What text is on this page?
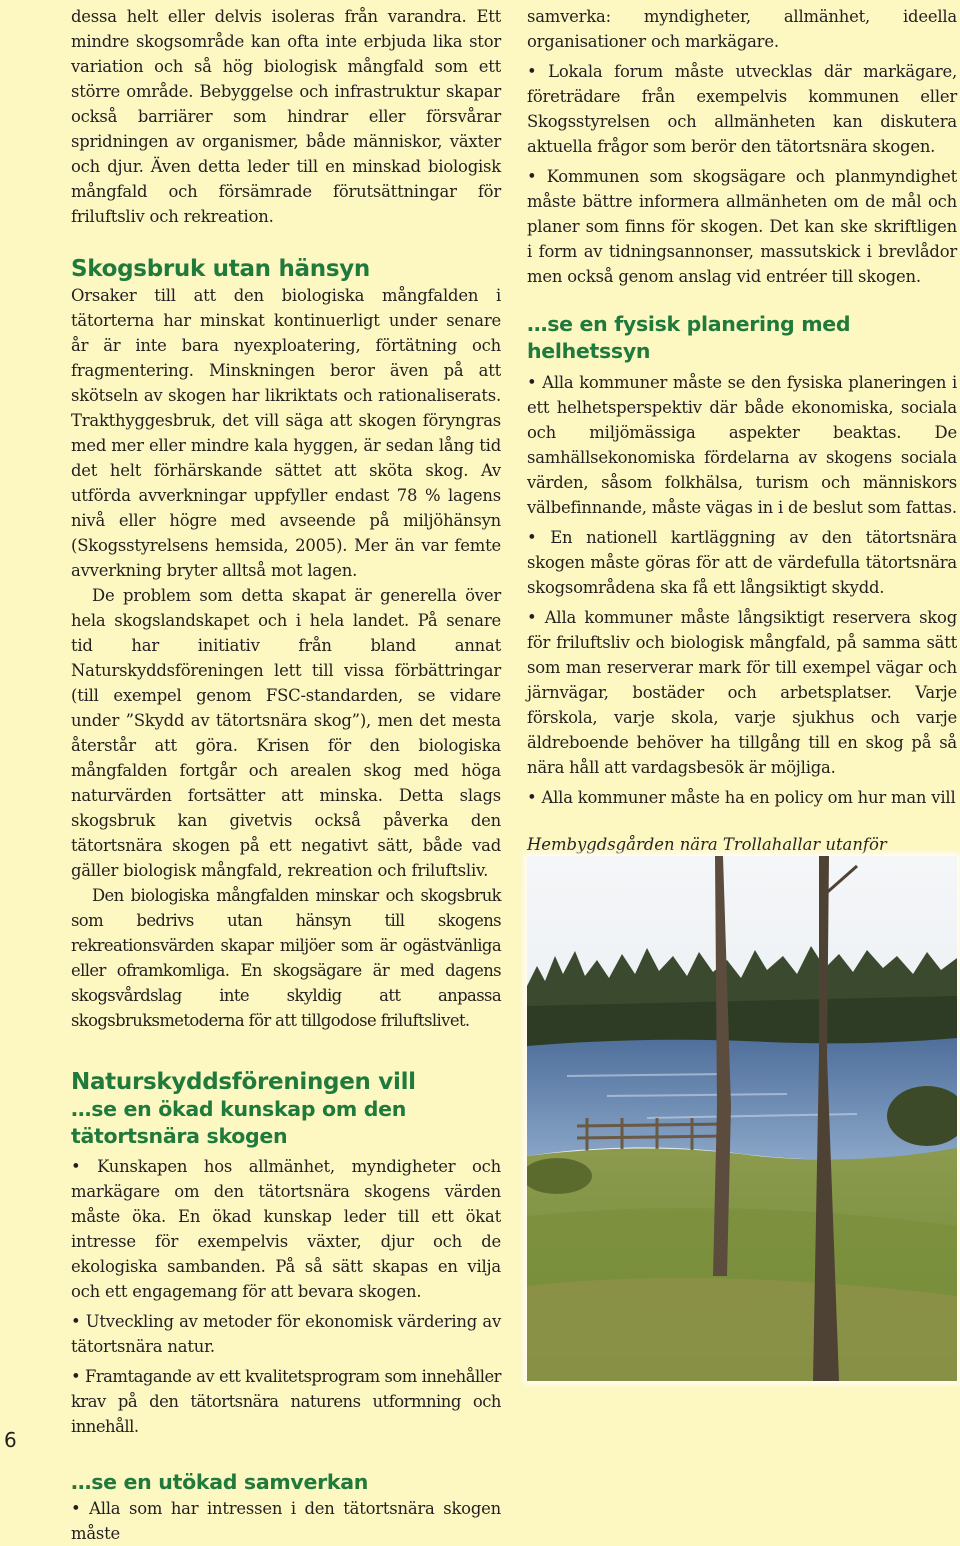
dessa helt eller delvis isoleras från varandra. Ett mindre skogsområde kan ofta inte erbjuda lika stor variation och så hög biologisk mångfald som ett större område. Bebyggelse och infrastruktur skapar också barriärer som hindrar eller försvårar spridningen av organismer, både människor, växter och djur. Även detta leder till en minskad biologisk mångfald och försämrade förutsättningar för friluftsliv och rekreation.

Skogsbruk utan hänsyn

Orsaker till att den biologiska mångfalden i tätorterna har minskat kontinuerligt under senare år är inte bara nyexploatering, förtätning och fragmentering. Minskningen beror även på att skötseln av skogen har likriktats och rationaliserats. Trakthyggesbruk, det vill säga att skogen föryngras med mer eller mindre kala hyggen, är sedan lång tid det helt förhärskande sättet att sköta skog. Av utförda avverkningar uppfyller endast 78 % lagens nivå eller högre med avseende på miljöhänsyn (Skogsstyrelsens hemsida, 2005). Mer än var femte avverkning bryter alltså mot lagen.

De problem som detta skapat är generella över hela skogslandskapet och i hela landet. På senare tid har initiativ från bland annat Naturskyddsföreningen lett till vissa förbättringar (till exempel genom FSC-standarden, se vidare under ”Skydd av tätortsnära skog”), men det mesta återstår att göra. Krisen för den biologiska mångfalden fortgår och arealen skog med höga naturvärden fortsätter att minska. Detta slags skogsbruk kan givetvis också påverka den tätortsnära skogen på ett negativt sätt, både vad gäller biologisk mångfald, rekreation och friluftsliv.

Den biologiska mångfalden minskar och skogsbruk som bedrivs utan hänsyn till skogens rekreationsvärden skapar miljöer som är ogästvänliga eller oframkomliga. En skogsägare är med dagens skogsvårdslag inte skyldig att anpassa skogsbruksmetoderna för att tillgodose friluftslivet.

Naturskyddsföreningen vill
…se en ökad kunskap om den tätortsnära skogen

• Kunskapen hos allmänhet, myndigheter och markägare om den tätortsnära skogens värden måste öka. En ökad kunskap leder till ett ökat intresse för exempelvis växter, djur och de ekologiska sambanden. På så sätt skapas en vilja och ett engagemang för att bevara skogen.

• Utveckling av metoder för ekonomisk värdering av tätortsnära natur.

• Framtagande av ett kvalitetsprogram som innehåller krav på den tätortsnära naturens utformning och innehåll.

…se en utökad samverkan

• Alla som har intressen i den tätortsnära skogen måste

samverka: myndigheter, allmänhet, ideella organisationer och markägare.

• Lokala forum måste utvecklas där markägare, företrädare från exempelvis kommunen eller Skogsstyrelsen och allmänheten kan diskutera aktuella frågor som berör den tätortsnära skogen.

• Kommunen som skogsägare och planmyndighet måste bättre informera allmänheten om de mål och planer som finns för skogen. Det kan ske skriftligen i form av tidningsannonser, massutskick i brevlådor men också genom anslag vid entréer till skogen.

…se en fysisk planering med helhetssyn

• Alla kommuner måste se den fysiska planeringen i ett helhetsperspektiv där både ekonomiska, sociala och miljömässiga aspekter beaktas. De samhällsekonomiska fördelarna av skogens sociala värden, såsom folkhälsa, turism och människors välbefinnande, måste vägas in i de beslut som fattas.

• En nationell kartläggning av den tätortsnära skogen måste göras för att de värdefulla tätortsnära skogsområdena ska få ett långsiktigt skydd.

• Alla kommuner måste långsiktigt reservera skog för friluftsliv och biologisk mångfald, på samma sätt som man reserverar mark för till exempel vägar och järnvägar, bostäder och arbetsplatser. Varje förskola, varje skola, varje sjukhus och varje äldreboende behöver ha tillgång till en skog på så nära håll att vardagsbesök är möjliga.

• Alla kommuner måste ha en policy om hur man vill

Hembygdsgården nära Trollahallar utanför
6
